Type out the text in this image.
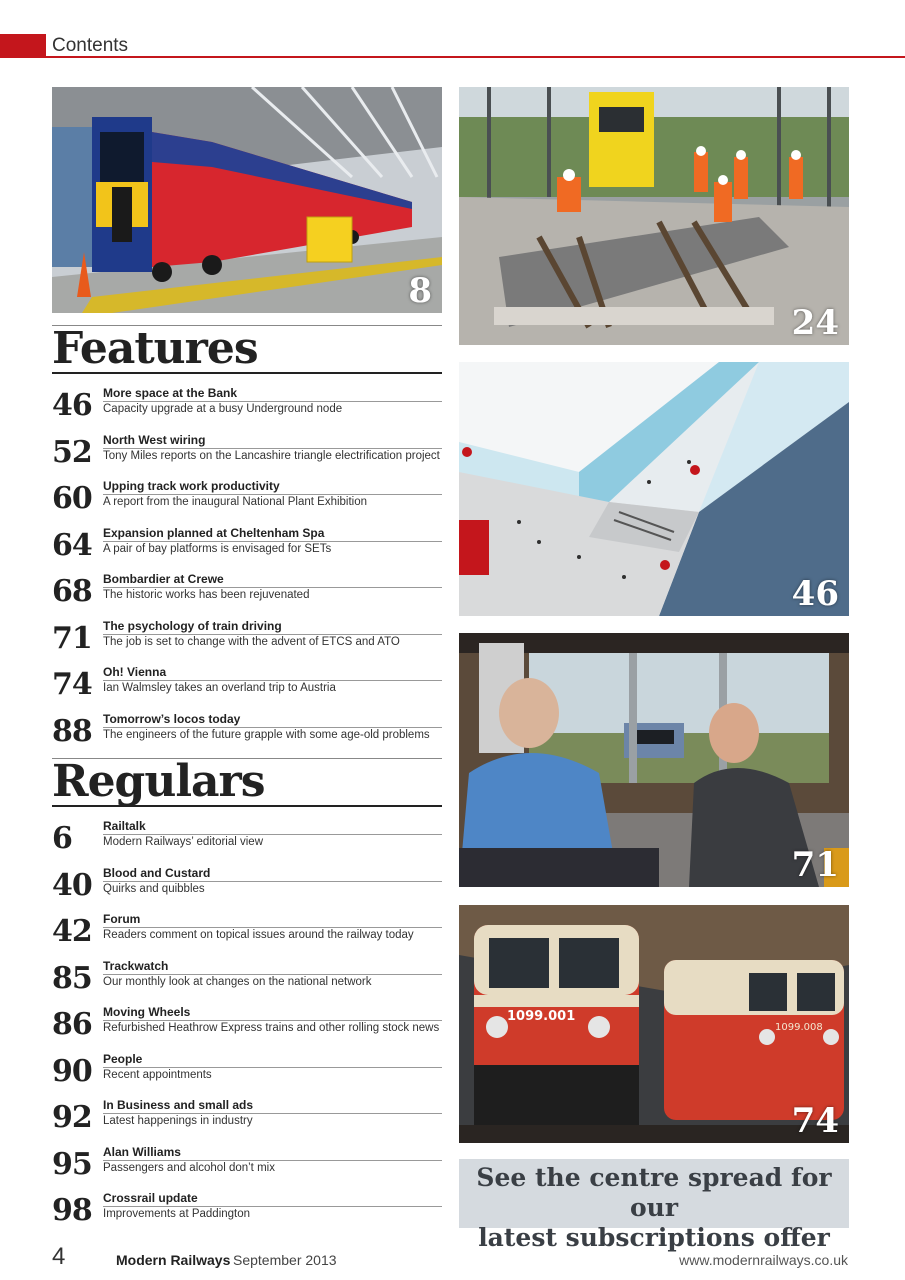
Contents
8
24
46
71
1099.001
1099.008
74
Features
46 More space at the Bank
Capacity upgrade at a busy Underground node
52 North West wiring
Tony Miles reports on the Lancashire triangle electrification project
60 Upping track work productivity
A report from the inaugural National Plant Exhibition
64 Expansion planned at Cheltenham Spa
A pair of bay platforms is envisaged for SETs
68 Bombardier at Crewe
The historic works has been rejuvenated
71 The psychology of train driving
The job is set to change with the advent of ETCS and ATO
74 Oh! Vienna
Ian Walmsley takes an overland trip to Austria
88 Tomorrow’s locos today
The engineers of the future grapple with some age-old problems
Regulars
6	Railtalk
Modern Railways’ editorial view
40 Blood and Custard
Quirks and quibbles
42 Forum
Readers comment on topical issues around the railway today
85 Trackwatch
Our monthly look at changes on the national network
86 Moving Wheels
Refurbished Heathrow Express trains and other rolling stock news
90 People
Recent appointments
92 In Business and small ads
Latest happenings in industry
95 Alan Williams
Passengers and alcohol don’t mix
98 Crossrail update
Improvements at Paddington
See the centre spread for our
latest subscriptions offer
4	Modern Railways September 2013	www.modernrailways.co.uk
